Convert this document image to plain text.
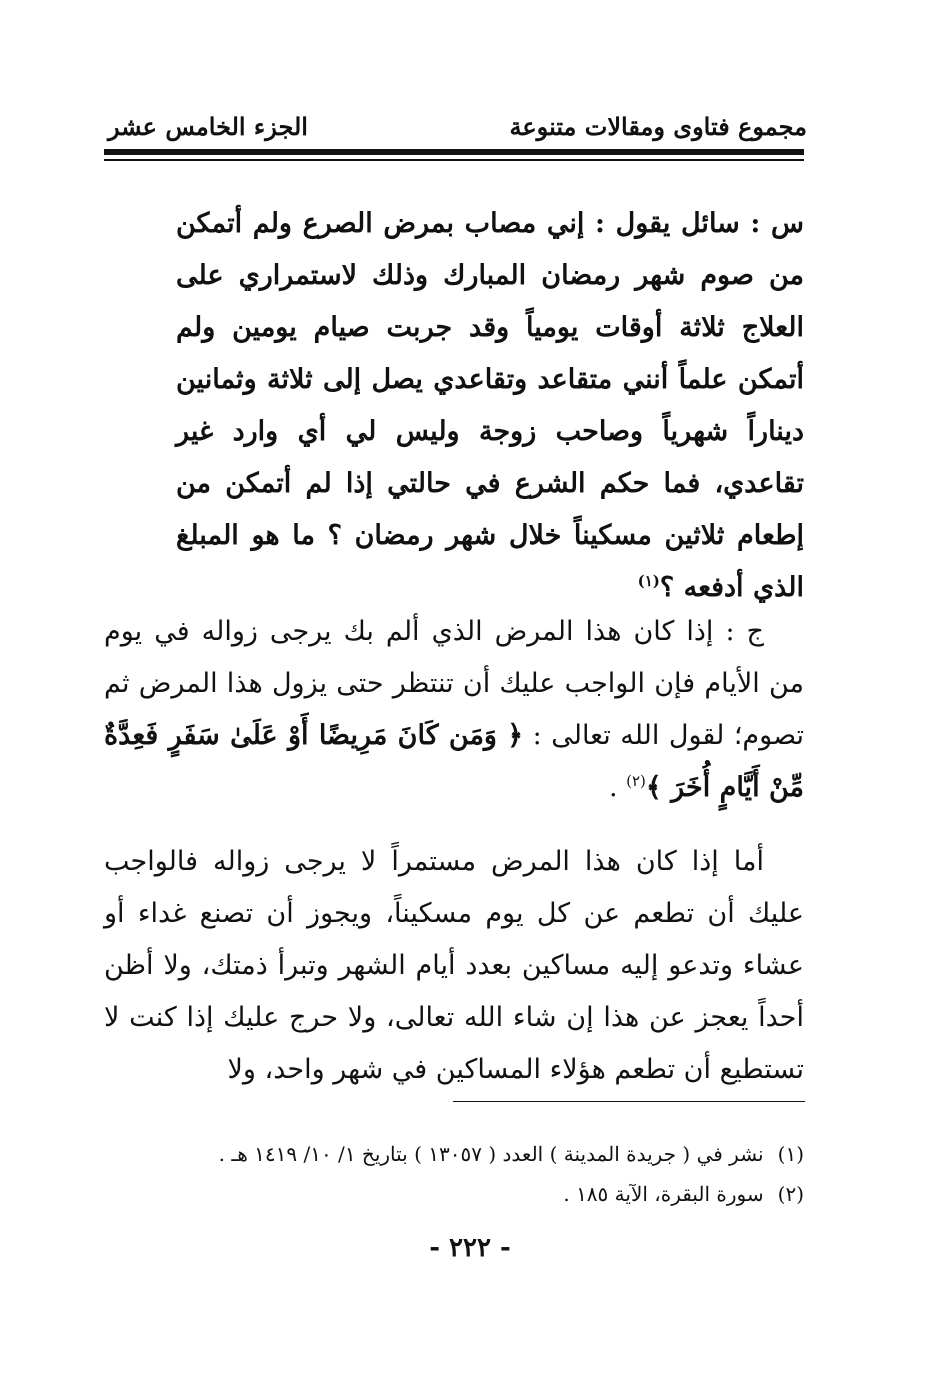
مجموع فتاوى ومقالات متنوعة
الجزء الخامس عشر
س : سائل يقول : إني مصاب بمرض الصرع ولم أتمكن من صوم شهر رمضان المبارك وذلك لاستمراري على العلاج ثلاثة أوقات يومياً وقد جربت صيام يومين ولم أتمكن علماً أنني متقاعد وتقاعدي يصل إلى ثلاثة وثمانين ديناراً شهرياً وصاحب زوجة وليس لي أي وارد غير تقاعدي، فما حكم الشرع في حالتي إذا لم أتمكن من إطعام ثلاثين مسكيناً خلال شهر رمضان ؟ ما هو المبلغ الذي أدفعه ؟$^{(١)}$
ج : إذا كان هذا المرض الذي ألم بك يرجى زواله في يوم من الأيام فإن الواجب عليك أن تنتظر حتى يزول هذا المرض ثم تصوم؛ لقول الله تعالى : ﴿ وَمَن كَانَ مَرِيضًا أَوْ عَلَىٰ سَفَرٍ فَعِدَّةٌ مِّنْ أَيَّامٍ أُخَرَ ﴾$^{(٢)}$ .
أما إذا كان هذا المرض مستمراً لا يرجى زواله فالواجب عليك أن تطعم عن كل يوم مسكيناً، ويجوز أن تصنع غداء أو عشاء وتدعو إليه مساكين بعدد أيام الشهر وتبرأ ذمتك، ولا أظن أحداً يعجز عن هذا إن شاء الله تعالى، ولا حرج عليك إذا كنت لا تستطيع أن تطعم هؤلاء المساكين في شهر واحد، ولا
(١)نشر في ( جريدة المدينة ) العدد ( ١٣٠٥٧ ) بتاريخ ١/ ١٠/ ١٤١٩ هـ .
(٢)سورة البقرة، الآية ١٨٥ .
- ٢٢٢ -
